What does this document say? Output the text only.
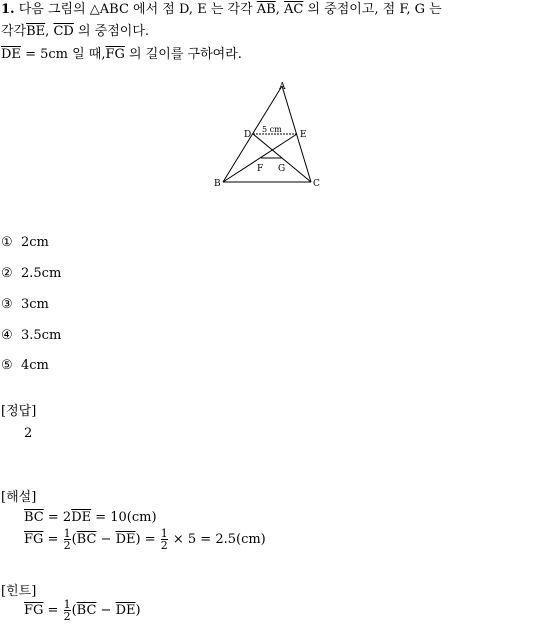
1. 다음 그림의 △ABC 에서 점 D, E 는 각각 $\overline{AB}$, $\overline{AC}$ 의 중점이고, 점 F, G 는
각각$\overline{BE}$, $\overline{CD}$ 의 중점이다.
$\overline{DE} = 5cm$ 일 때$,\overline{FG}$ 의 길이를 구하여라.
A
B	C
D	E
F G
5 cm
① 2cm
② 2.5cm
③ 3cm
④ 3.5cm
⑤ 4cm
[정답]
2
[해설]
$\overline{BC} = 2\overline{DE} = 10(cm)$
$\overline{FG} = \frac{1}{2} (\overline{BC} - \overline{DE}) = \frac{1}{2} \times 5 = 2.5(cm)$
[힌트]
$\overline{FG} = \frac{1}{2} (\overline{BC} - \overline{DE})$
